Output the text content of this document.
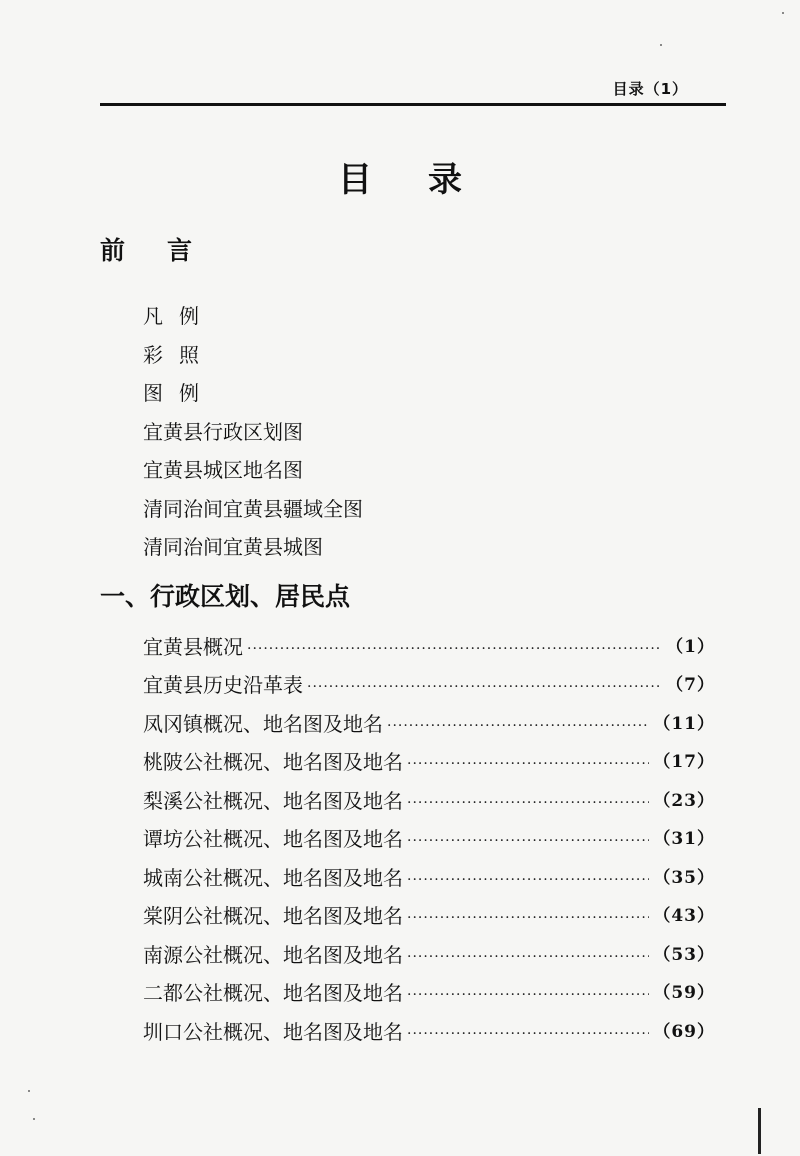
目录（1）
目录
前言
凡例
彩照
图例
宜黄县行政区划图
宜黄县城区地名图
清同治间宜黄县疆域全图
清同治间宜黄县城图
一、行政区划、居民点
宜黄县概况 ·····	（1）
宜黄县历史沿革表 ·····	（7）
凤冈镇概况、地名图及地名 ·····	（11）
桃陂公社概况、地名图及地名 ·····	（17）
梨溪公社概况、地名图及地名 ·····	（23）
谭坊公社概况、地名图及地名 ·····	（31）
城南公社概况、地名图及地名 ·····	（35）
棠阴公社概况、地名图及地名 ·····	（43）
南源公社概况、地名图及地名 ·····	（53）
二都公社概况、地名图及地名 ·····	（59）
圳口公社概况、地名图及地名 ·····	（69）
